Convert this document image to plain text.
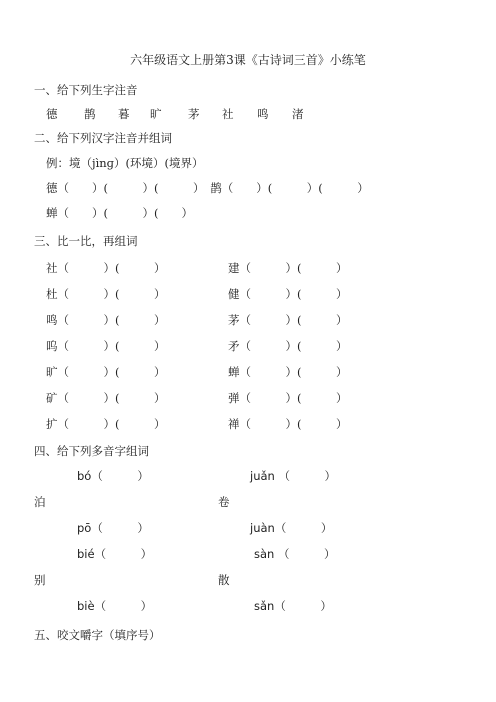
六年级语文上册第3课《古诗词三首》小练笔
一、给下列生字注音
德 鹊 暮 旷 茅 社 鸣 渚
二、给下列汉字注音并组词
例：境（jìnɡ）(环境）(境界）
德（　　）(　　　）(　　　）　鹊（　　）(　　　）(　　　）
蝉（　　）(　　　）(　　）
三、比一比，再组词
社（　　　）(　　　）	建（　　　）(　　　）
杜（　　　）(　　　）	健（　　　）(　　　）
鸣（　　　）(　　　）	茅（　　　）(　　　）
呜（　　　）(　　　）	矛（　　　）(　　　）
旷（　　　）(　　　）	蝉（　　　）(　　　）
矿（　　　）(　　　）	弹（　　　）(　　　）
扩（　　　）(　　　）	禅（　　　）(　　　）
四、给下列多音字组词
bó（　　　）	juǎn （　　　）
泊	卷
pō（　　　）	juàn（　　　）
bié（　　　）	sàn （　　　）
别	散
biè（　　　）	sǎn（　　　）
五、咬文嚼字（填序号）
